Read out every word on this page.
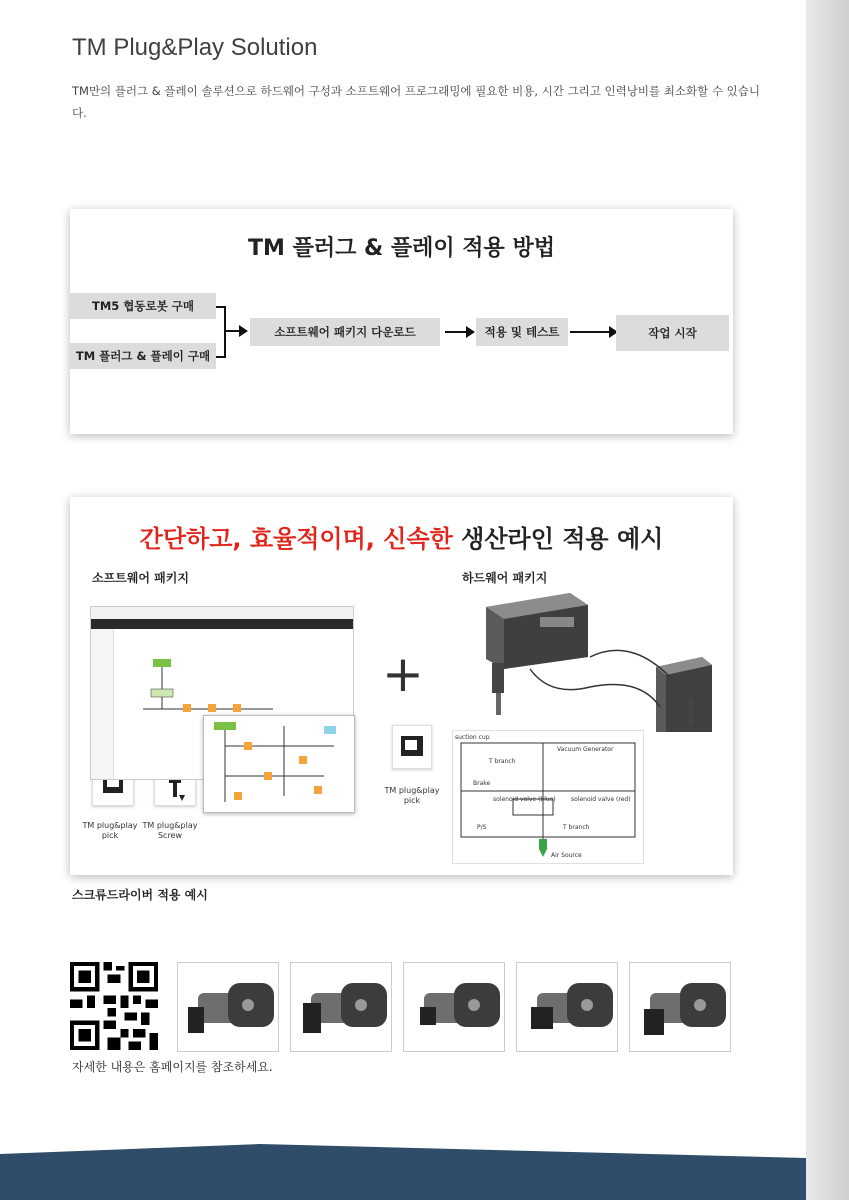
TM Plug&Play Solution
TM만의 플러그 & 플레이 솔루션으로 하드웨어 구성과 소프트웨어 프로그래밍에 필요한 비용, 시간 그리고 인력낭비를 최소화할 수 있습니다.
TM 플러그 & 플레이 적용 방법
TM5 협동로봇 구매
TM 플러그 & 플레이 구매
소프트웨어 패키지 다운로드	적용 및 테스트	작업 시작
간단하고, 효율적이며, 신속한 생산라인 적용 예시
소프트웨어 패키지	하드웨어 패키지
+
suction cup
Vacuum Generator
T branch
Brake
solenoid valve (blue)	solenoid valve (red)
P/S	T branch
Air Source
TM plug&play pick
TM plug&play Screw
TM plug&play pick
스크류드라이버 적용 예시
자세한 내용은 홈페이지를 참조하세요.
